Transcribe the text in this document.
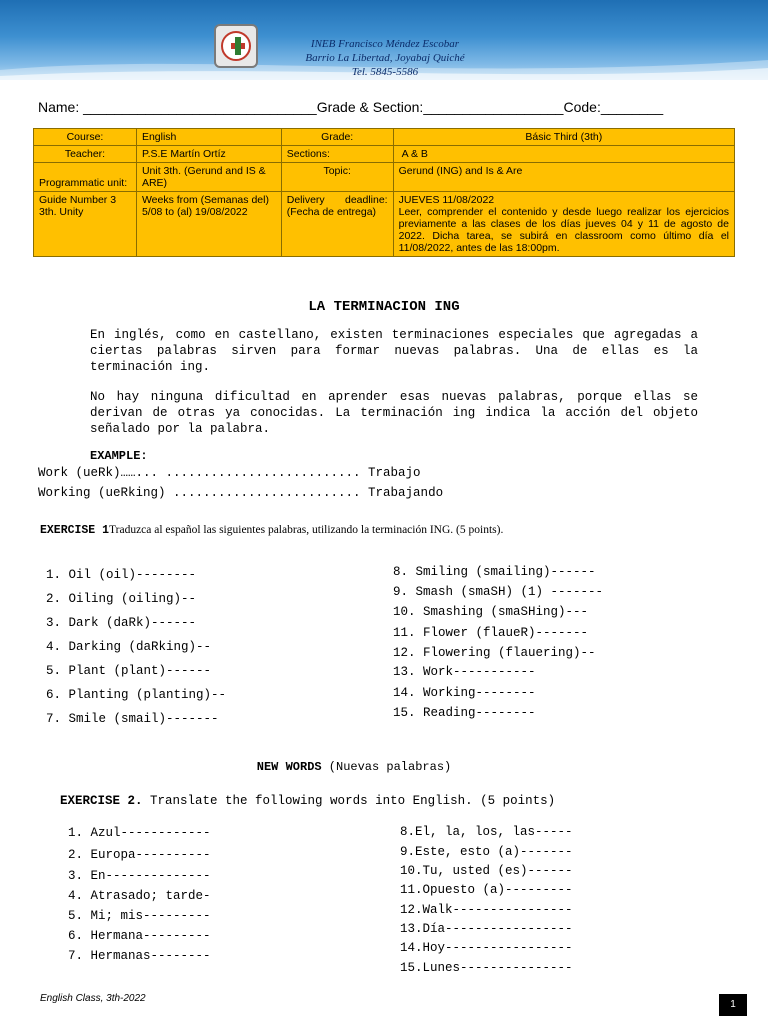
INEB Francisco Méndez Escobar
Barrio La Libertad, Joyabaj Quiché
Tel. 5845-5586
Name: ______________________________Grade & Section:__________________Code:________
Course:	English	Grade:	Básic Third (3th)
Teacher:	P.S.E Martín Ortíz	Sections:	A & B
Programmatic unit:	Unit 3th. (Gerund and IS & ARE)	Topic:	Gerund (ING) and Is & Are
Guide Number 3 3th. Unity	Weeks from (Semanas del) 5/08 to (al) 19/08/2022	Delivery deadline: (Fecha de entrega)	JUEVES 11/08/2022
Leer, comprender el contenido y desde luego realizar los ejercicios previamente a las clases de los días jueves 04 y 11 de agosto de 2022. Dicha tarea, se subirá en classroom como último día el 11/08/2022, antes de las 18:00pm.
LA TERMINACION ING
En inglés, como en castellano, existen terminaciones especiales que agregadas a ciertas palabras sirven para formar nuevas palabras. Una de ellas es la terminación ing.
No hay ninguna dificultad en aprender esas nuevas palabras, porque ellas se derivan de otras ya conocidas. La terminación ing indica la acción del objeto señalado por la palabra.
EXAMPLE:
Work (ueRk)……... .......................... Trabajo
Working (ueRking) ......................... Trabajando
EXERCISE 1Traduzca al español las siguientes palabras, utilizando la terminación ING. (5 points).
1. Oil (oil)--------
2. Oiling (oiling)--
3. Dark (daRk)------
4. Darking (daRking)--
5. Plant (plant)------
6. Planting (planting)--
7. Smile (smail)-------
8. Smiling (smailing)------
9. Smash (smaSH) (1) -------
10. Smashing (smaSHing)---
11. Flower (flaueR)-------
12. Flowering (flauering)--
13. Work-----------
14. Working--------
15. Reading--------
NEW WORDS (Nuevas palabras)
EXERCISE 2. Translate the following words into English. (5 points)
1. Azul------------
2. Europa----------
3. En--------------
4. Atrasado; tarde-
5. Mi; mis---------
6. Hermana---------
7. Hermanas--------
8.El, la, los, las-----
9.Este, esto (a)-------
10.Tu, usted (es)------
11.Opuesto (a)---------
12.Walk----------------
13.Día-----------------
14.Hoy-----------------
15.Lunes---------------
English Class, 3th-2022
1
